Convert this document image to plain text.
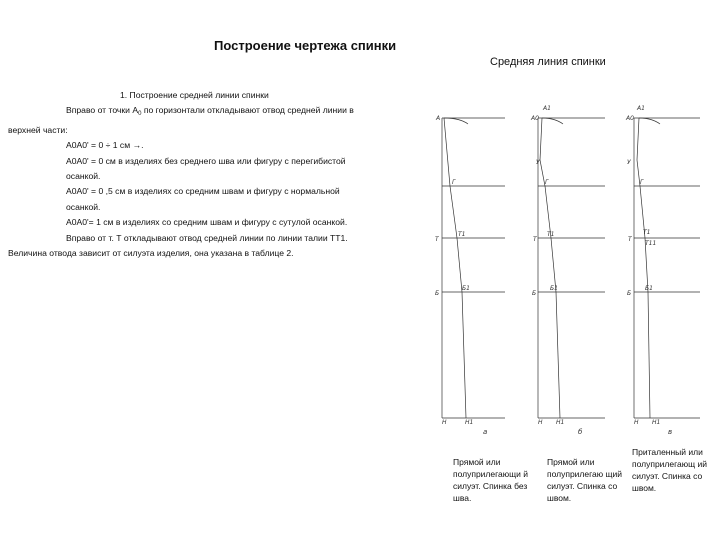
Построение чертежа спинки
Средняя линия спинки

1. Построение средней линии спинки

Вправо от точки $А_0$ по горизонтали откладывают отвод средней линии в

верхней части:

А0А0' = 0 ÷ 1 см →.

А0А0' = 0 см в изделиях без среднего шва или фигуру с перегибистой

осанкой.

А0А0' = 0 ,5 см в изделиях со средним швам и фигуру с нормальной

осанкой.

А0А0'= 1 см в изделиях со средним швам и фигуру с сутулой осанкой.

Вправо от т. Т откладывают отвод средней линии по линии талии ТТ1.

Величина отвода зависит от силуэта изделия, она указана в таблице 2.

А
Г
Т
Т1
Б
Б1
Н	Н1
а
А0
А1
У
Г
Т
Т1
Б
Б1
Н Н1
б
А0
А1
У
Г
Т
Т1
Т11
Б
Б1
Н Н1
в
Прямой или полуприлегающи й силуэт. Спинка без шва.
Прямой или полуприлегаю щий силуэт. Спинка со швом.
Приталенный или полуприлегающ ий силуэт. Спинка со швом.
